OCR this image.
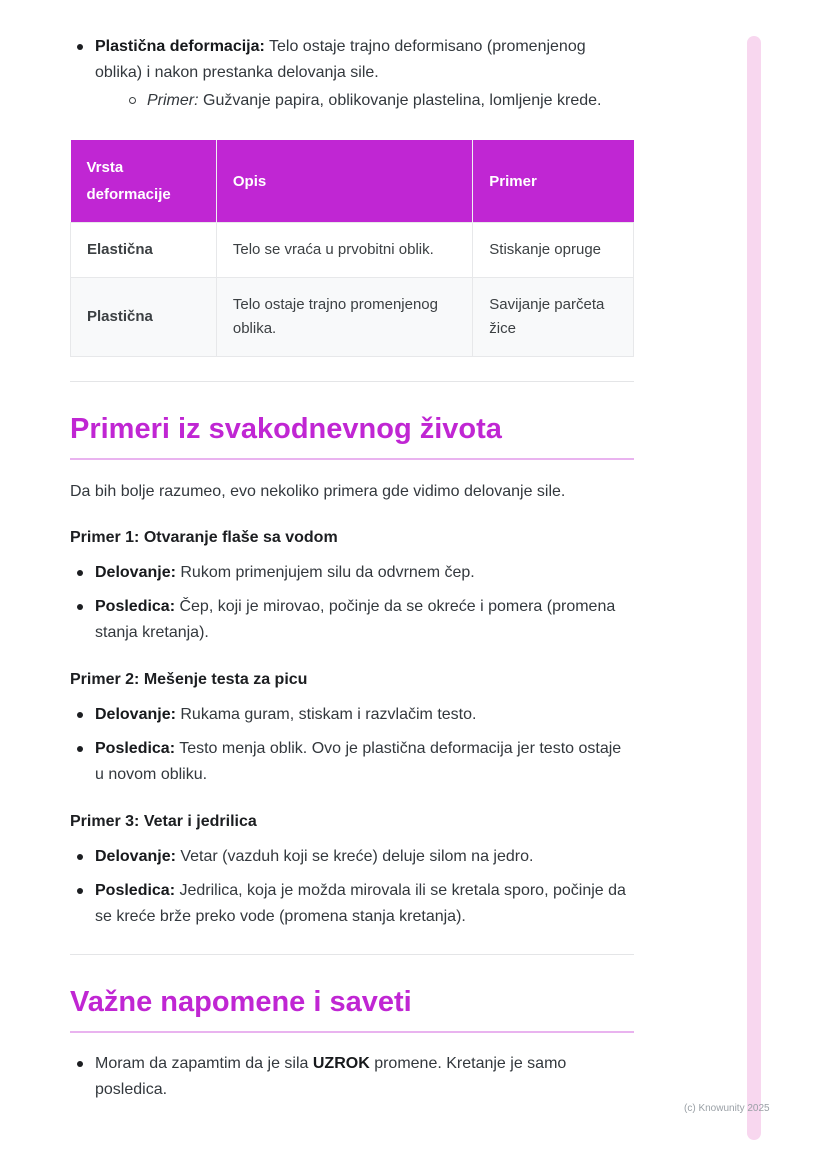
Plastična deformacija: Telo ostaje trajno deformisano (promenjenog oblika) i nakon prestanka delovanja sile.
Primer: Gužvanje papira, oblikovanje plastelina, lomljenje krede.
Vrsta deformacije	Opis	Primer
Elastična	Telo se vraća u prvobitni oblik.	Stiskanje opruge
Plastična	Telo ostaje trajno promenjenog oblika.	Savijanje parčeta žice
Primeri iz svakodnevnog života

Da bih bolje razumeo, evo nekoliko primera gde vidimo delovanje sile.

Primer 1: Otvaranje flaše sa vodom
Delovanje: Rukom primenjujem silu da odvrnem čep.
Posledica: Čep, koji je mirovao, počinje da se okreće i pomera (promena stanja kretanja).
Primer 2: Mešenje testa za picu
Delovanje: Rukama guram, stiskam i razvlačim testo.
Posledica: Testo menja oblik. Ovo je plastična deformacija jer testo ostaje u novom obliku.
Primer 3: Vetar i jedrilica
Delovanje: Vetar (vazduh koji se kreće) deluje silom na jedro.
Posledica: Jedrilica, koja je možda mirovala ili se kretala sporo, počinje da se kreće brže preko vode (promena stanja kretanja).
Važne napomene i saveti
Moram da zapamtim da je sila UZROK promene. Kretanje je samo posledica.
(c) Knowunity 2025
